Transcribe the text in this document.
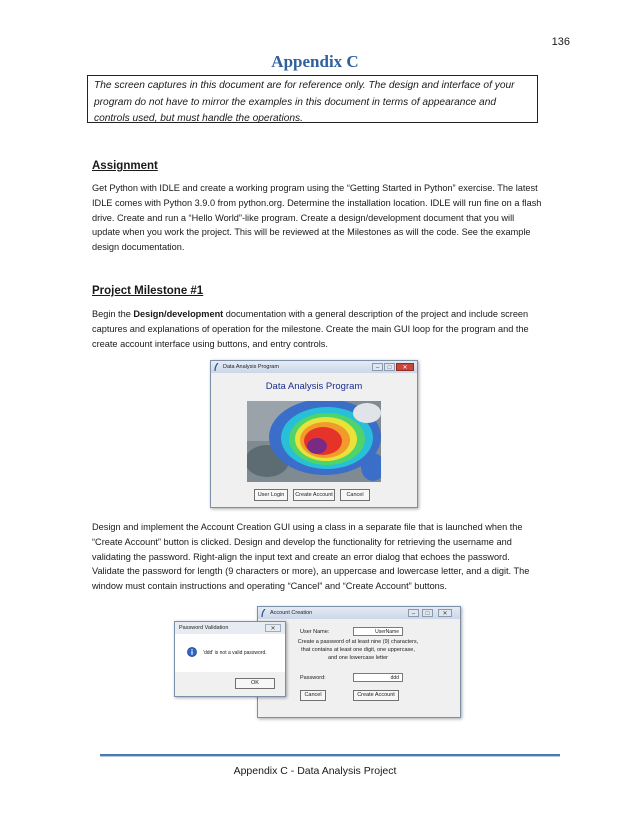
136
Appendix C
The screen captures in this document are for reference only. The design and interface of your program do not have to mirror the examples in this document in terms of appearance and controls used, but must handle the operations.
Assignment
Get Python with IDLE and create a working program using the “Getting Started in Python” exercise. The latest IDLE comes with Python 3.9.0 from python.org. Determine the installation location. IDLE will run fine on a flash drive. Create and run a “Hello World”-like program. Create a design/development document that you will update when you work the project. This will be reviewed at the Milestones as will the code. See the example design documentation.
Project Milestone #1
Begin the Design/development documentation with a general description of the project and include screen captures and explanations of operation for the milestone. Create the main GUI loop for the program and the create account interface using buttons, and entry controls.
Data Analysis Program	–	□	✕
Data Analysis Program
User Login	Create Account	Cancel
Design and implement the Account Creation GUI using a class in a separate file that is launched when the “Create Account” button is clicked. Design and develop the functionality for retrieving the username and validating the password. Right-align the input text and create an error dialog that echoes the password. Validate the password for length (9 characters or more), an uppercase and lowercase letter, and a digit. The window must contain instructions and operating “Cancel” and “Create Account” buttons.
Account Creation	–	□	✕
User Name:	UserName
Create a password of at least nine (9) characters,
that contains at least one digit, one uppercase,
and one lowercase letter
Password:	ddd
Cancel	Create Account
Password Validation	✕
'ddd' is not a valid password.
OK
Appendix C - Data Analysis Project
